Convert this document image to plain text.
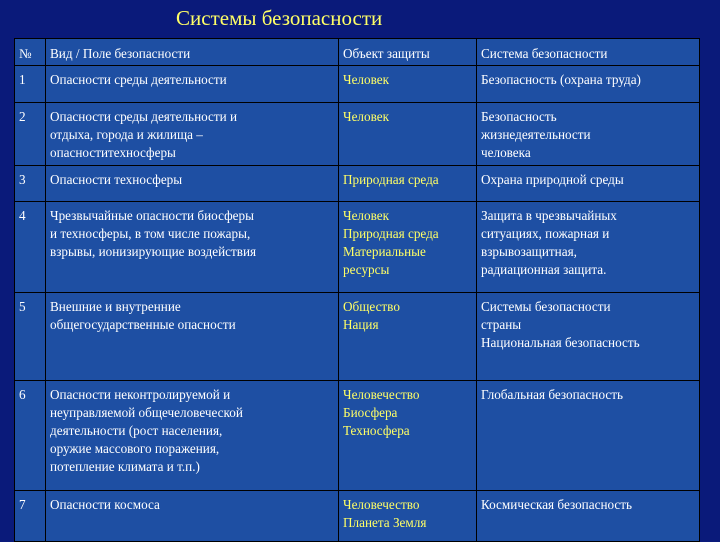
Системы безопасности
№	Вид / Поле безопасности	Объект защиты	Система безопасности
1	Опасности среды деятельности	Человек	Безопасность (охрана труда)

2	Опасности среды деятельности и
отдыха, города и жилища –
опасноститехносферы	Человек	Безопасность
жизнедеятельности
человека

3	Опасности техносферы	Природная среда	Охрана природной среды

4	Чрезвычайные опасности биосферы
и техносферы, в том числе пожары,
взрывы, ионизирующие воздействия	Человек
Природная среда
Материальные
ресурсы	Защита в чрезвычайных
ситуациях, пожарная и
взрывозащитная,
радиационная защита.

5	Внешние и внутренние
общегосударственные опасности	Общество
Нация	Системы безопасности
страны
Национальная безопасность

6	Опасности неконтролируемой и
неуправляемой общечеловеческой
деятельности (рост населения,
оружие массового поражения,
потепление климата и т.п.)	Человечество
Биосфера
Техносфера	Глобальная безопасность

7	Опасности космоса	Человечество
Планета Земля	Космическая безопасность
